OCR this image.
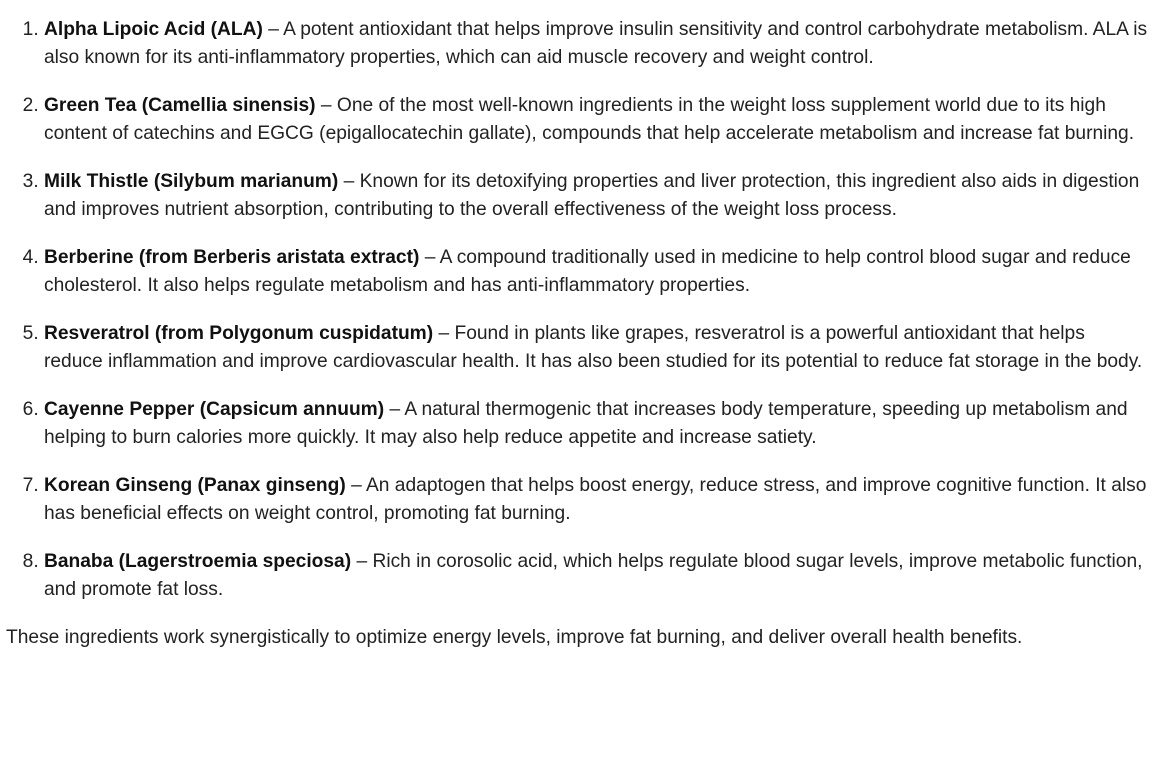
1. Alpha Lipoic Acid (ALA) – A potent antioxidant that helps improve insulin sensitivity and control carbohydrate metabolism. ALA is also known for its anti-inflammatory properties, which can aid muscle recovery and weight control.
2. Green Tea (Camellia sinensis) – One of the most well-known ingredients in the weight loss supplement world due to its high content of catechins and EGCG (epigallocatechin gallate), compounds that help accelerate metabolism and increase fat burning.
3. Milk Thistle (Silybum marianum) – Known for its detoxifying properties and liver protection, this ingredient also aids in digestion and improves nutrient absorption, contributing to the overall effectiveness of the weight loss process.
4. Berberine (from Berberis aristata extract) – A compound traditionally used in medicine to help control blood sugar and reduce cholesterol. It also helps regulate metabolism and has anti-inflammatory properties.
5. Resveratrol (from Polygonum cuspidatum) – Found in plants like grapes, resveratrol is a powerful antioxidant that helps reduce inflammation and improve cardiovascular health. It has also been studied for its potential to reduce fat storage in the body.
6. Cayenne Pepper (Capsicum annuum) – A natural thermogenic that increases body temperature, speeding up metabolism and helping to burn calories more quickly. It may also help reduce appetite and increase satiety.
7. Korean Ginseng (Panax ginseng) – An adaptogen that helps boost energy, reduce stress, and improve cognitive function. It also has beneficial effects on weight control, promoting fat burning.
8. Banaba (Lagerstroemia speciosa) – Rich in corosolic acid, which helps regulate blood sugar levels, improve metabolic function, and promote fat loss.

These ingredients work synergistically to optimize energy levels, improve fat burning, and deliver overall health benefits.
